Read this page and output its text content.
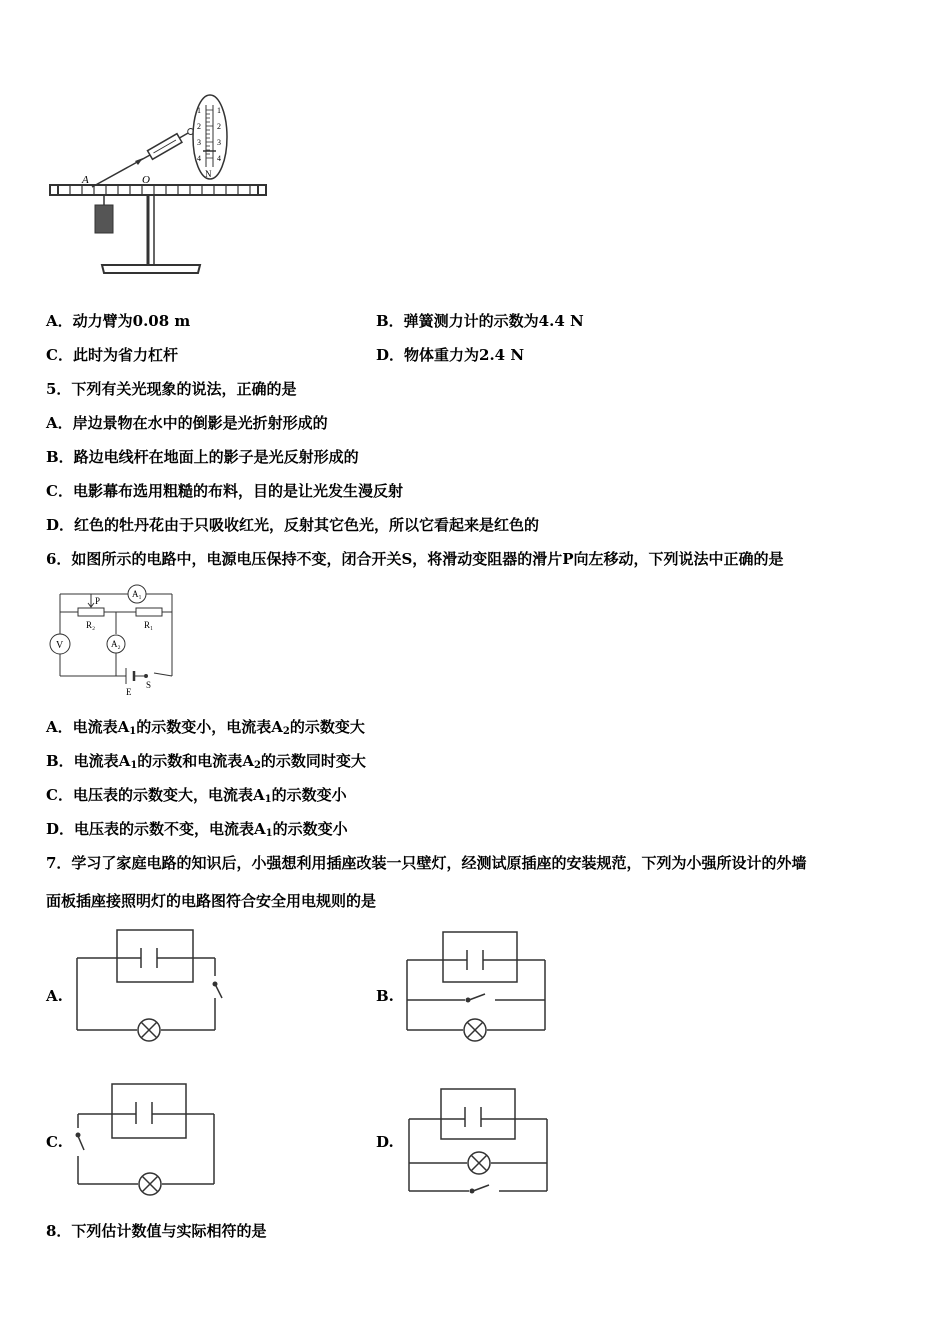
1
2
3
4
1
2
3
4
N
A	O
A．动力臂为0.08 m	B．弹簧测力计的示数为4.4 N
C．此时为省力杠杆	D．物体重力为2.4 N
5．下列有关光现象的说法，正确的是
A．岸边景物在水中的倒影是光折射形成的
B．路边电线杆在地面上的影子是光反射形成的
C．电影幕布选用粗糙的布料，目的是让光发生漫反射
D．红色的牡丹花由于只吸收红光，反射其它色光，所以它看起来是红色的
6．如图所示的电路中，电源电压保持不变，闭合开关S，将滑动变阻器的滑片P向左移动，下列说法中正确的是
A₁
A₂
V
P
R₂	R₁
E
S
A．电流表$A_1$的示数变小，电流表$A_2$的示数变大
B．电流表$A_1$的示数和电流表$A_2$的示数同时变大
C．电压表的示数变大，电流表$A_1$的示数变小
D．电压表的示数不变，电流表$A_1$的示数变小
7．学习了家庭电路的知识后，小强想利用插座改装一只壁灯，经测试原插座的安装规范，下列为小强所设计的外墙
面板插座接照明灯的电路图符合安全用电规则的是
A.	B.
C.	D.
8．下列估计数值与实际相符的是
